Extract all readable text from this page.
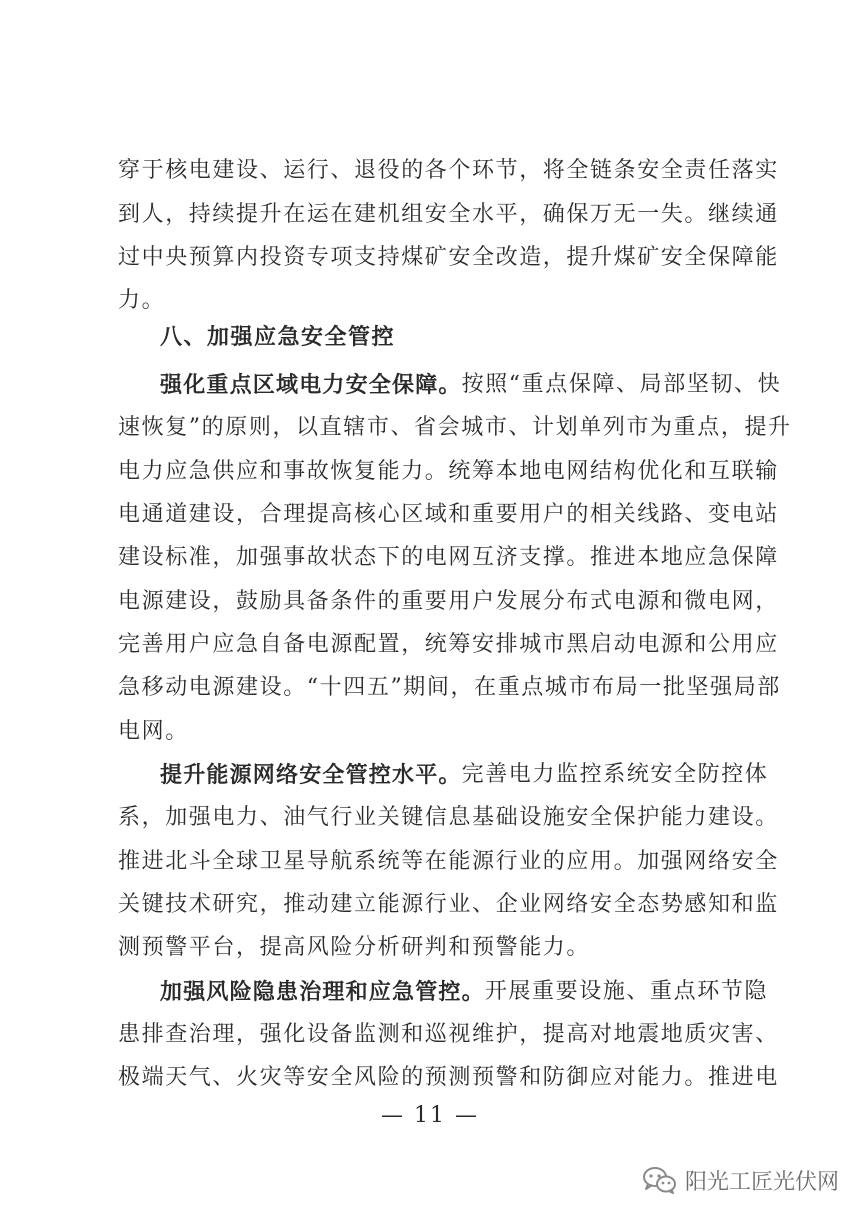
穿于核电建设、运行、退役的各个环节，将全链条安全责任落实
到人，持续提升在运在建机组安全水平，确保万无一失。继续通
过中央预算内投资专项支持煤矿安全改造，提升煤矿安全保障能
力。
八、加强应急安全管控
强化重点区域电力安全保障。 按照“重点保障、局部坚韧、快
速恢复”的原则，以直辖市、省会城市、计划单列市为重点，提升
电力应急供应和事故恢复能力。统筹本地电网结构优化和互联输
电通道建设，合理提高核心区域和重要用户的相关线路、变电站
建设标准，加强事故状态下的电网互济支撑。推进本地应急保障
电源建设，鼓励具备条件的重要用户发展分布式电源和微电网，
完善用户应急自备电源配置，统筹安排城市黑启动电源和公用应
急移动电源建设。“十四五”期间，在重点城市布局一批坚强局部
电网。
提升能源网络安全管控水平。 完善电力监控系统安全防控体
系，加强电力、油气行业关键信息基础设施安全保护能力建设。
推进北斗全球卫星导航系统等在能源行业的应用。加强网络安全
关键技术研究，推动建立能源行业、企业网络安全态势感知和监
测预警平台，提高风险分析研判和预警能力。
加强风险隐患治理和应急管控。 开展重要设施、重点环节隐
患排查治理，强化设备监测和巡视维护，提高对地震地质灾害、
极端天气、火灾等安全风险的预测预警和防御应对能力。推进电
— 11 —
阳光工匠光伏网
